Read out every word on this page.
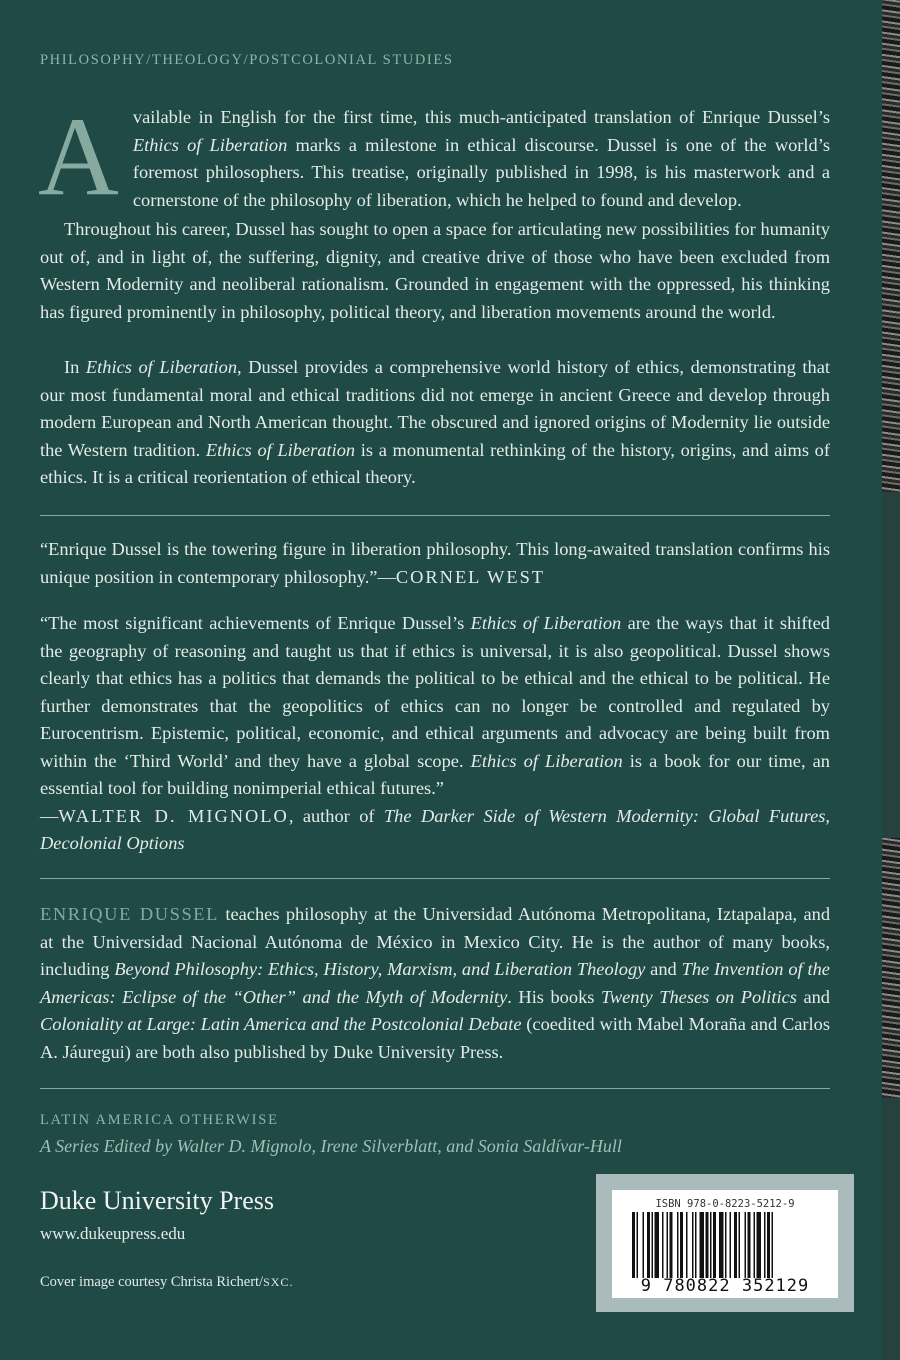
PHILOSOPHY/THEOLOGY/POSTCOLONIAL STUDIES

Available in English for the first time, this much-anticipated translation of Enrique Dussel’s Ethics of Liberation marks a milestone in ethical discourse. Dussel is one of the world’s foremost philosophers. This treatise, originally published in 1998, is his masterwork and a cornerstone of the philosophy of liberation, which he helped to found and develop.

Throughout his career, Dussel has sought to open a space for articulating new possibilities for humanity out of, and in light of, the suffering, dignity, and creative drive of those who have been excluded from Western Modernity and neoliberal rationalism. Grounded in engagement with the oppressed, his thinking has figured prominently in philosophy, political theory, and liberation movements around the world.

In Ethics of Liberation, Dussel provides a comprehensive world history of ethics, demonstrating that our most fundamental moral and ethical traditions did not emerge in ancient Greece and develop through modern European and North American thought. The obscured and ignored origins of Modernity lie outside the Western tradition. Ethics of Liberation is a monumental rethinking of the history, origins, and aims of ethics. It is a critical reorientation of ethical theory.

“Enrique Dussel is the towering figure in liberation philosophy. This long-awaited translation confirms his unique position in contemporary philosophy.”—CORNEL WEST

“The most significant achievements of Enrique Dussel’s Ethics of Liberation are the ways that it shifted the geography of reasoning and taught us that if ethics is universal, it is also geopolitical. Dussel shows clearly that ethics has a politics that demands the political to be ethical and the ethical to be political. He further demonstrates that the geopolitics of ethics can no longer be controlled and regulated by Eurocentrism. Epistemic, political, economic, and ethical arguments and advocacy are being built from within the ‘Third World’ and they have a global scope. Ethics of Liberation is a book for our time, an essential tool for building nonimperial ethical futures.”
—WALTER D. MIGNOLO, author of The Darker Side of Western Modernity: Global Futures, Decolonial Options

ENRIQUE DUSSEL teaches philosophy at the Universidad Autónoma Metropolitana, Iztapalapa, and at the Universidad Nacional Autónoma de México in Mexico City. He is the author of many books, including Beyond Philosophy: Ethics, History, Marxism, and Liberation Theology and The Invention of the Americas: Eclipse of the “Other” and the Myth of Modernity. His books Twenty Theses on Politics and Coloniality at Large: Latin America and the Postcolonial Debate (coedited with Mabel Moraña and Carlos A. Jáuregui) are both also published by Duke University Press.

LATIN AMERICA OTHERWISE
A Series Edited by Walter D. Mignolo, Irene Silverblatt, and Sonia Saldívar-Hull
Duke University Press
www.dukeupress.edu
Cover image courtesy Christa Richert/SXC.
ISBN 978-0-8223-5212-9
9 780822 352129
